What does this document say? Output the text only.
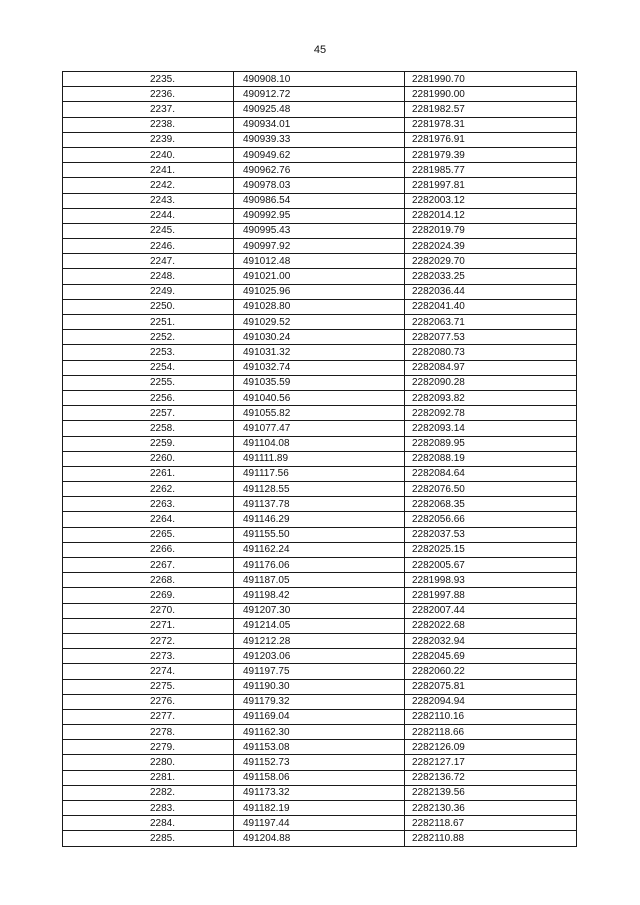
45
2235.	490908.10	2281990.70
2236.	490912.72	2281990.00
2237.	490925.48	2281982.57
2238.	490934.01	2281978.31
2239.	490939.33	2281976.91
2240.	490949.62	2281979.39
2241.	490962.76	2281985.77
2242.	490978.03	2281997.81
2243.	490986.54	2282003.12
2244.	490992.95	2282014.12
2245.	490995.43	2282019.79
2246.	490997.92	2282024.39
2247.	491012.48	2282029.70
2248.	491021.00	2282033.25
2249.	491025.96	2282036.44
2250.	491028.80	2282041.40
2251.	491029.52	2282063.71
2252.	491030.24	2282077.53
2253.	491031.32	2282080.73
2254.	491032.74	2282084.97
2255.	491035.59	2282090.28
2256.	491040.56	2282093.82
2257.	491055.82	2282092.78
2258.	491077.47	2282093.14
2259.	491104.08	2282089.95
2260.	491111.89	2282088.19
2261.	491117.56	2282084.64
2262.	491128.55	2282076.50
2263.	491137.78	2282068.35
2264.	491146.29	2282056.66
2265.	491155.50	2282037.53
2266.	491162.24	2282025.15
2267.	491176.06	2282005.67
2268.	491187.05	2281998.93
2269.	491198.42	2281997.88
2270.	491207.30	2282007.44
2271.	491214.05	2282022.68
2272.	491212.28	2282032.94
2273.	491203.06	2282045.69
2274.	491197.75	2282060.22
2275.	491190.30	2282075.81
2276.	491179.32	2282094.94
2277.	491169.04	2282110.16
2278.	491162.30	2282118.66
2279.	491153.08	2282126.09
2280.	491152.73	2282127.17
2281.	491158.06	2282136.72
2282.	491173.32	2282139.56
2283.	491182.19	2282130.36
2284.	491197.44	2282118.67
2285.	491204.88	2282110.88
